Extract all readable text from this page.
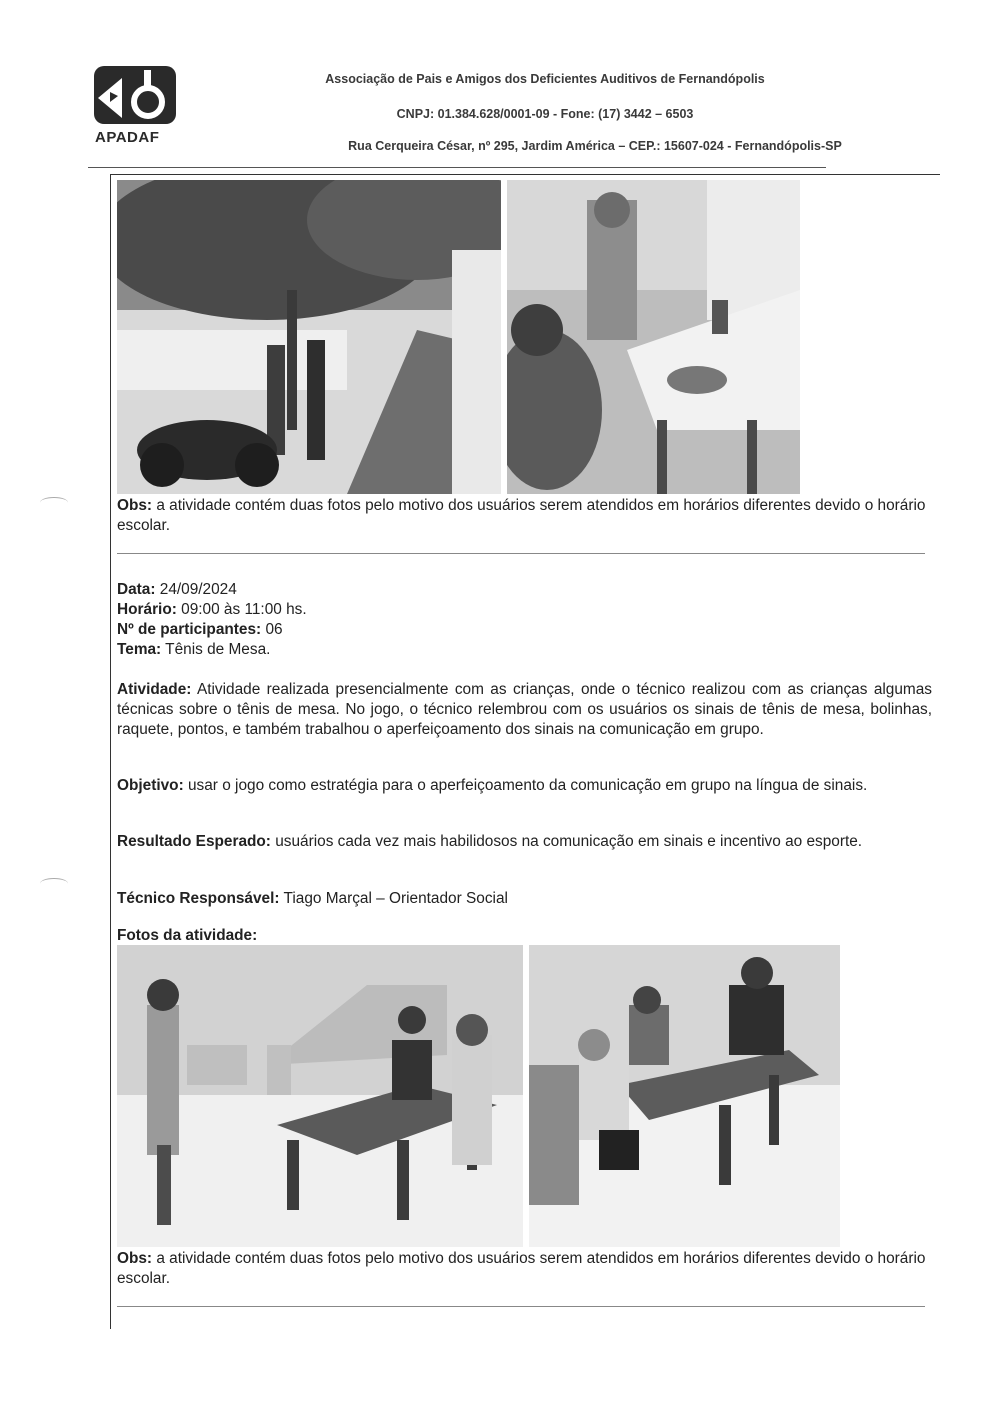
APADAF
Associação de Pais e Amigos dos Deficientes Auditivos de Fernandópolis
CNPJ: 01.384.628/0001-09 - Fone: (17) 3442 – 6503
Rua Cerqueira César, nº 295, Jardim América – CEP.: 15607-024 - Fernandópolis-SP
Obs: a atividade contém duas fotos pelo motivo dos usuários serem atendidos em horários diferentes devido o horário escolar.
Data: 24/09/2024
Horário: 09:00 às 11:00 hs.
Nº de participantes: 06
Tema: Tênis de Mesa.
Atividade: Atividade realizada presencialmente com as crianças, onde o técnico realizou com as crianças algumas técnicas sobre o tênis de mesa. No jogo, o técnico relembrou com os usuários os sinais de tênis de mesa, bolinhas, raquete, pontos, e também trabalhou o aperfeiçoamento dos sinais na comunicação em grupo.
Objetivo: usar o jogo como estratégia para o aperfeiçoamento da comunicação em grupo na língua de sinais.
Resultado Esperado: usuários cada vez mais habilidosos na comunicação em sinais e incentivo ao esporte.
Técnico Responsável: Tiago Marçal – Orientador Social
Fotos da atividade:
Obs: a atividade contém duas fotos pelo motivo dos usuários serem atendidos em horários diferentes devido o horário escolar.
